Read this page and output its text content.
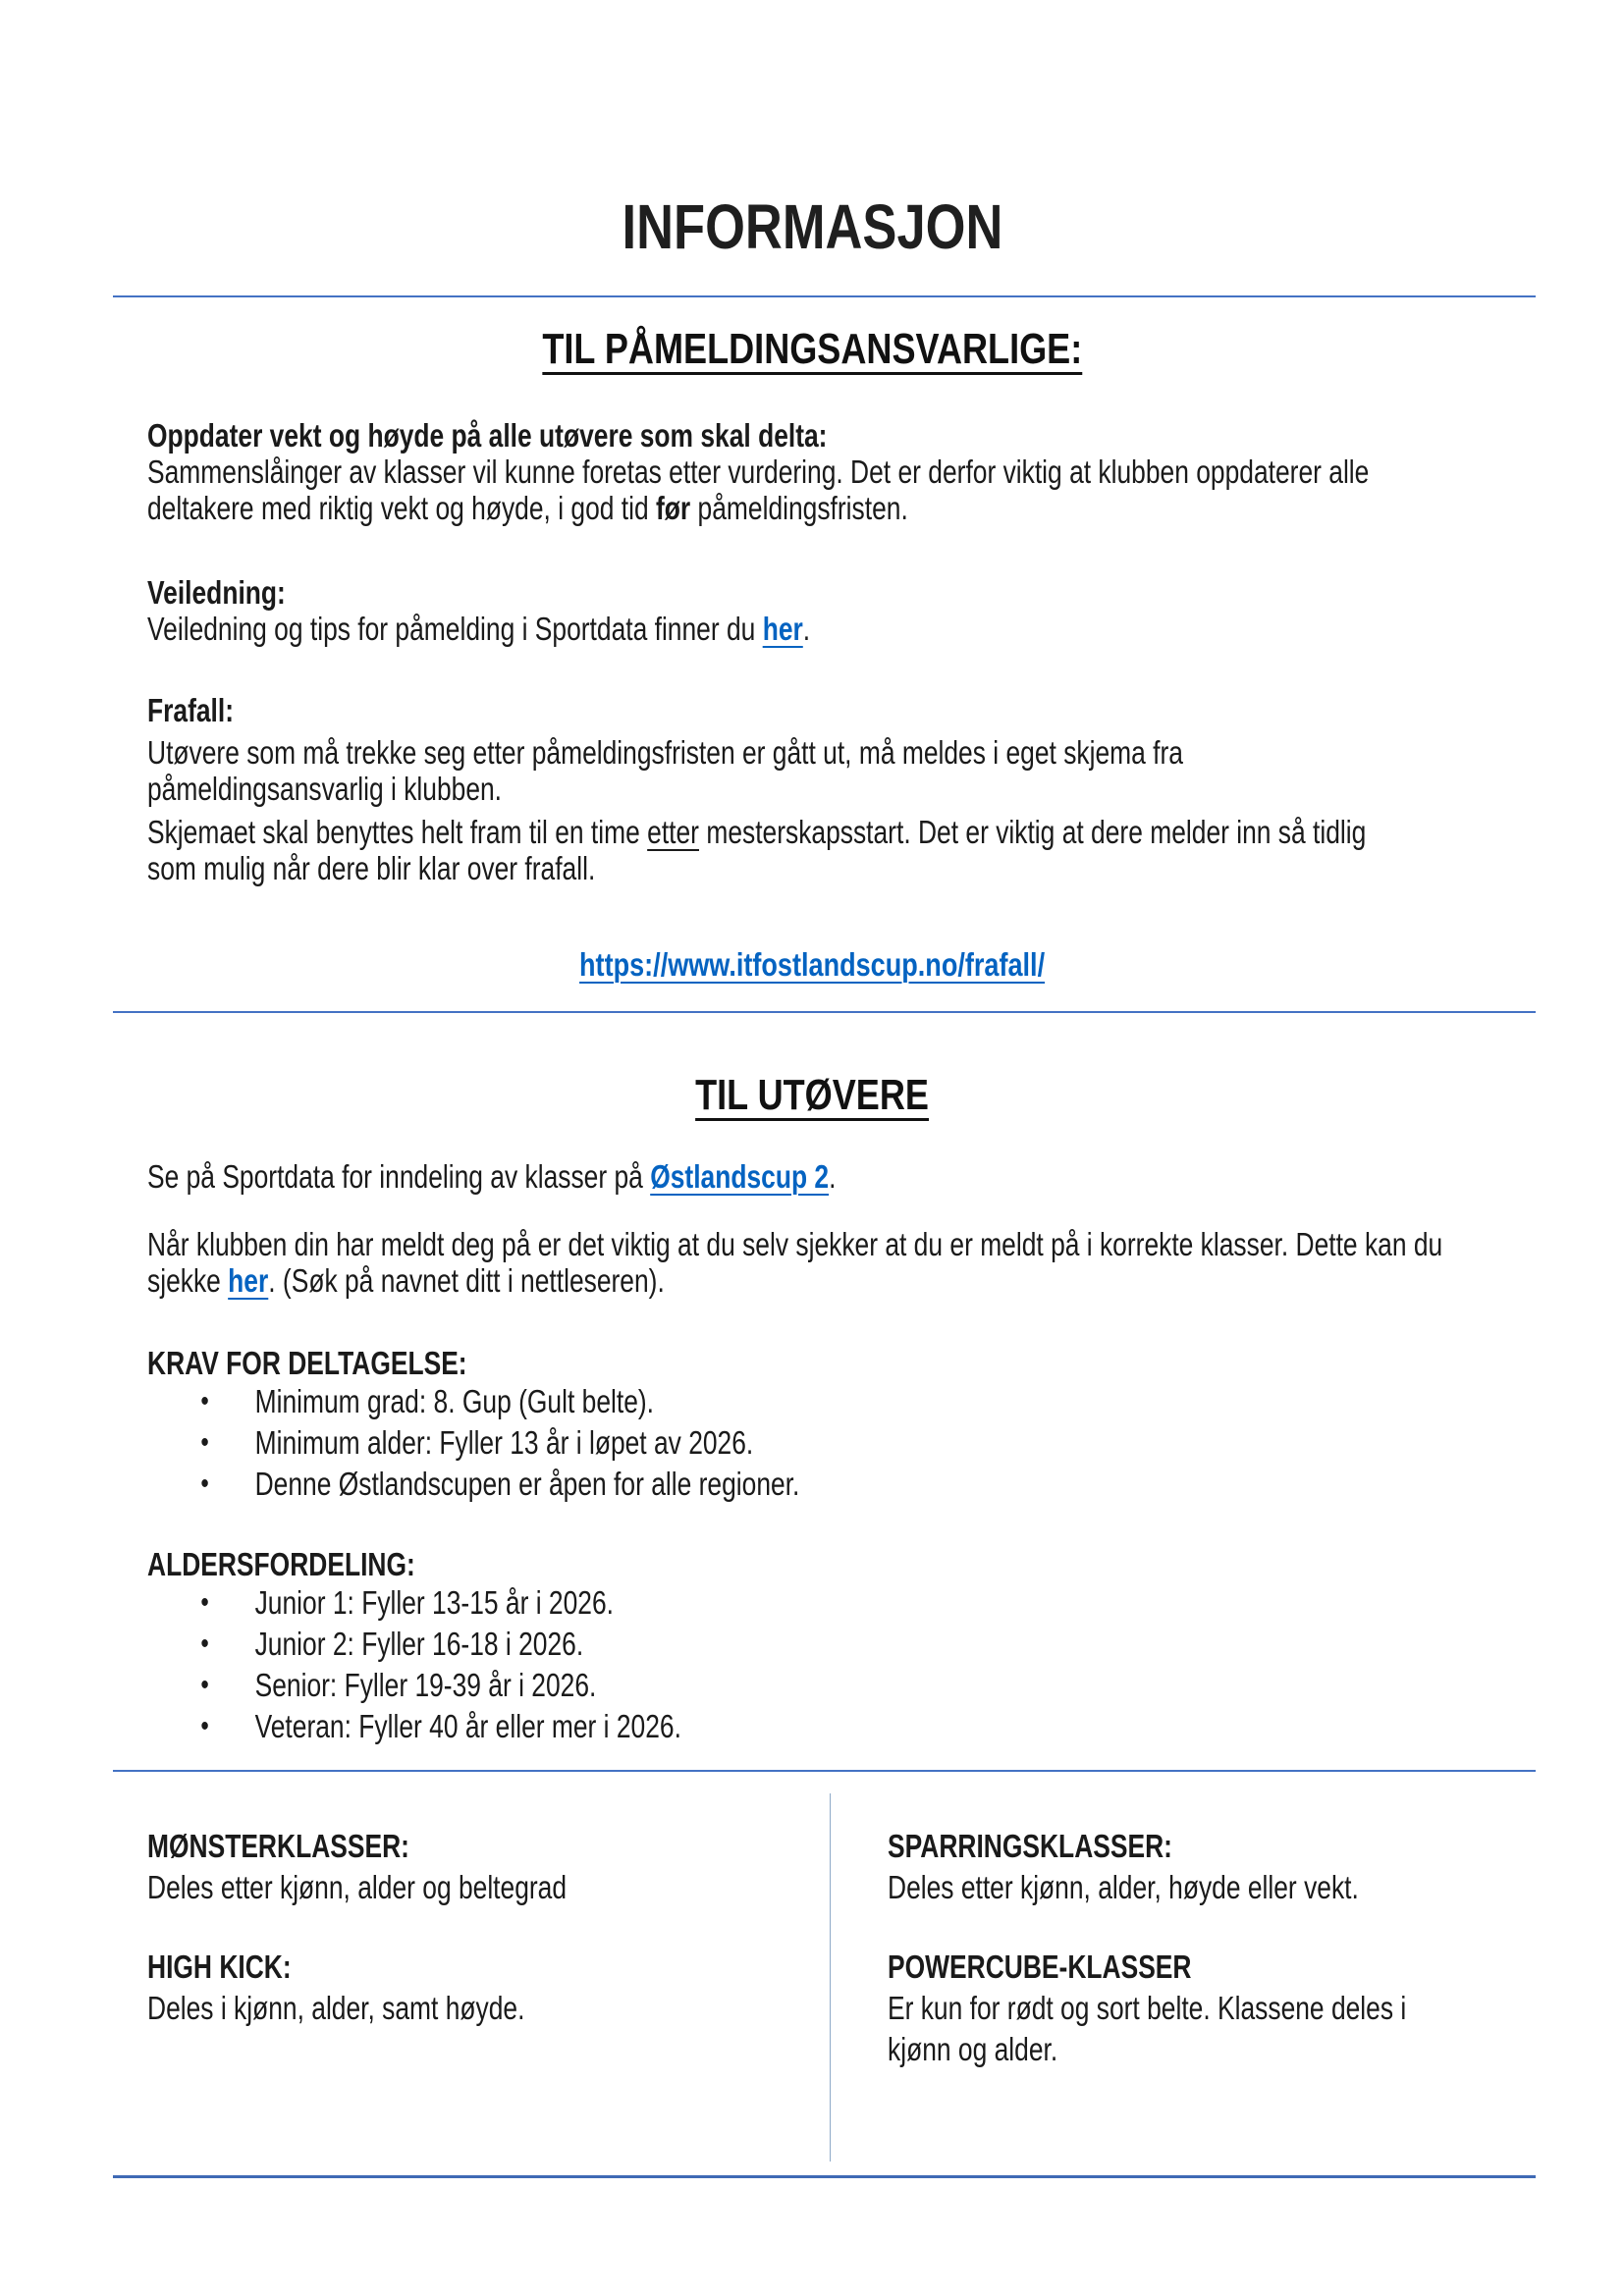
INFORMASJON
TIL PÅMELDINGSANSVARLIGE:

Oppdater vekt og høyde på alle utøvere som skal delta:

Sammenslåinger av klasser vil kunne foretas etter vurdering. Det er derfor viktig at klubben oppdaterer alle deltakere med riktig vekt og høyde, i god tid før påmeldingsfristen.

Veiledning:

Veiledning og tips for påmelding i Sportdata finner du her.

Frafall:

Utøvere som må trekke seg etter påmeldingsfristen er gått ut, må meldes i eget skjema fra påmeldingsansvarlig i klubben.

Skjemaet skal benyttes helt fram til en time etter mesterskapsstart. Det er viktig at dere melder inn så tidlig som mulig når dere blir klar over frafall.

https://www.itfostlandscup.no/frafall/
TIL UTØVERE

Se på Sportdata for inndeling av klasser på Østlandscup 2.

Når klubben din har meldt deg på er det viktig at du selv sjekker at du er meldt på i korrekte klasser. Dette kan du sjekke her. (Søk på navnet ditt i nettleseren).

KRAV FOR DELTAGELSE:

• Minimum grad: 8. Gup (Gult belte).
• Minimum alder: Fyller 13 år i løpet av 2026.
• Denne Østlandscupen er åpen for alle regioner.

ALDERSFORDELING:

• Junior 1: Fyller 13-15 år i 2026.
• Junior 2: Fyller 16-18 i 2026.
• Senior: Fyller 19-39 år i 2026.
• Veteran: Fyller 40 år eller mer i 2026.

MØNSTERKLASSER:

Deles etter kjønn, alder og beltegrad

HIGH KICK:

Deles i kjønn, alder, samt høyde.

SPARRINGSKLASSER:

Deles etter kjønn, alder, høyde eller vekt.

POWERCUBE-KLASSER

Er kun for rødt og sort belte. Klassene deles i kjønn og alder.
